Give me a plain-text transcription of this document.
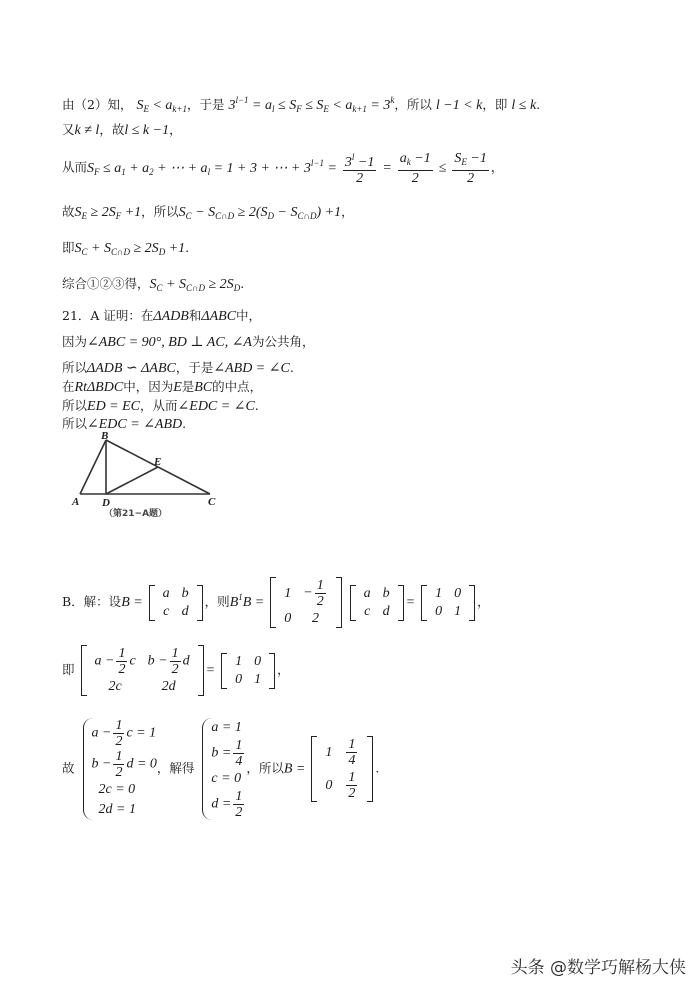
由（2）知， $S_E < a_{k+1}$，于是 $3^{l-1} = a_l \le S_F \le S_E < a_{k+1} = 3^k$，所以 l −1 < k，即 l ≤ k.
又k ≠ l，故l ≤ k −1，
从而$S_F \le a_1 + a_2$ + ⋯ + $a_l = 1 + 3$ + ⋯ + $3^{l-1} = \frac{3^l -1}{2} = \frac{a_k -1}{2} \le \frac{S_E -1}{2}$ ，
故$S_E \ge 2S_F +1$，所以$S_C - S_{C\cap D} \ge 2(S_D - S_{C\cap D}) +1$，
即$S_C + S_{C\cap D} \ge 2S_D +1$.
综合①②③得，$S_C + S_{C\cap D} \ge 2S_D$.
21．A 证明：在ΔADB和ΔABC中，
因为∠ABC = 90°, BD ⊥ AC, ∠A为公共角，
所以ΔADB ∽ ΔABC，于是∠ABD = ∠C.
在RtΔBDC中，因为E是BC的中点，
所以ED = EC，从而∠EDC = ∠C.
所以∠EDC = ∠ABD.
B
E
A D	C
（第21−A题）
B．解：设B =
a	b
c	d
，则$B^1B$ =
1	− $\frac{1}{2}$

0	2

a	b
c	d
=
1	0
0	1
，
即
$a - \frac{1}{2}$ c	$b - \frac{1}{2}$ d
2c	2d
=
1	0
0	1
，
故
$a - \frac{1}{2}$ c = 1
$b - \frac{1}{2}$ d = 0
2c = 0
2d = 1
，解得
a = 1
$b = \frac{1}{4}$
c = 0
$d = \frac{1}{2}$
，所以B =
1	$\frac{1}{4}$

0	$\frac{1}{2}$
.
头条 @数学巧解杨大侠
